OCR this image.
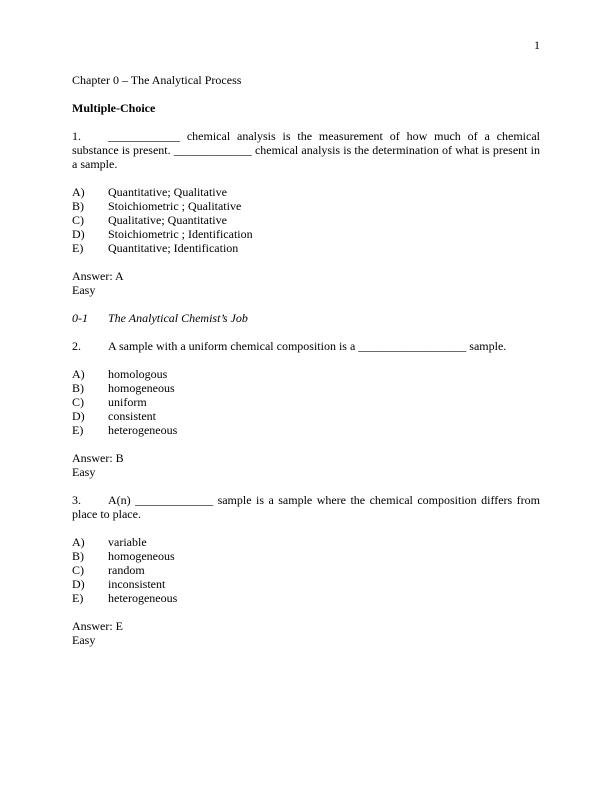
1

Chapter 0 – The Analytical Process

Multiple-Choice

1. ____________ chemical analysis is the measurement of how much of a chemical substance is present. _____________ chemical analysis is the determination of what is present in a sample.

A)	Quantitative; Qualitative
B)	Stoichiometric ; Qualitative
C)	Qualitative; Quantitative
D)	Stoichiometric ; Identification
E)	Quantitative; Identification

Answer: A

Easy

0-1	The Analytical Chemist’s Job

2. A sample with a uniform chemical composition is a __________________ sample.

A)	homologous
B)	homogeneous
C)	uniform
D)	consistent
E)	heterogeneous

Answer: B

Easy

3. A(n) _____________ sample is a sample where the chemical composition differs from place to place.

A)	variable
B)	homogeneous
C)	random
D)	inconsistent
E)	heterogeneous

Answer: E

Easy
